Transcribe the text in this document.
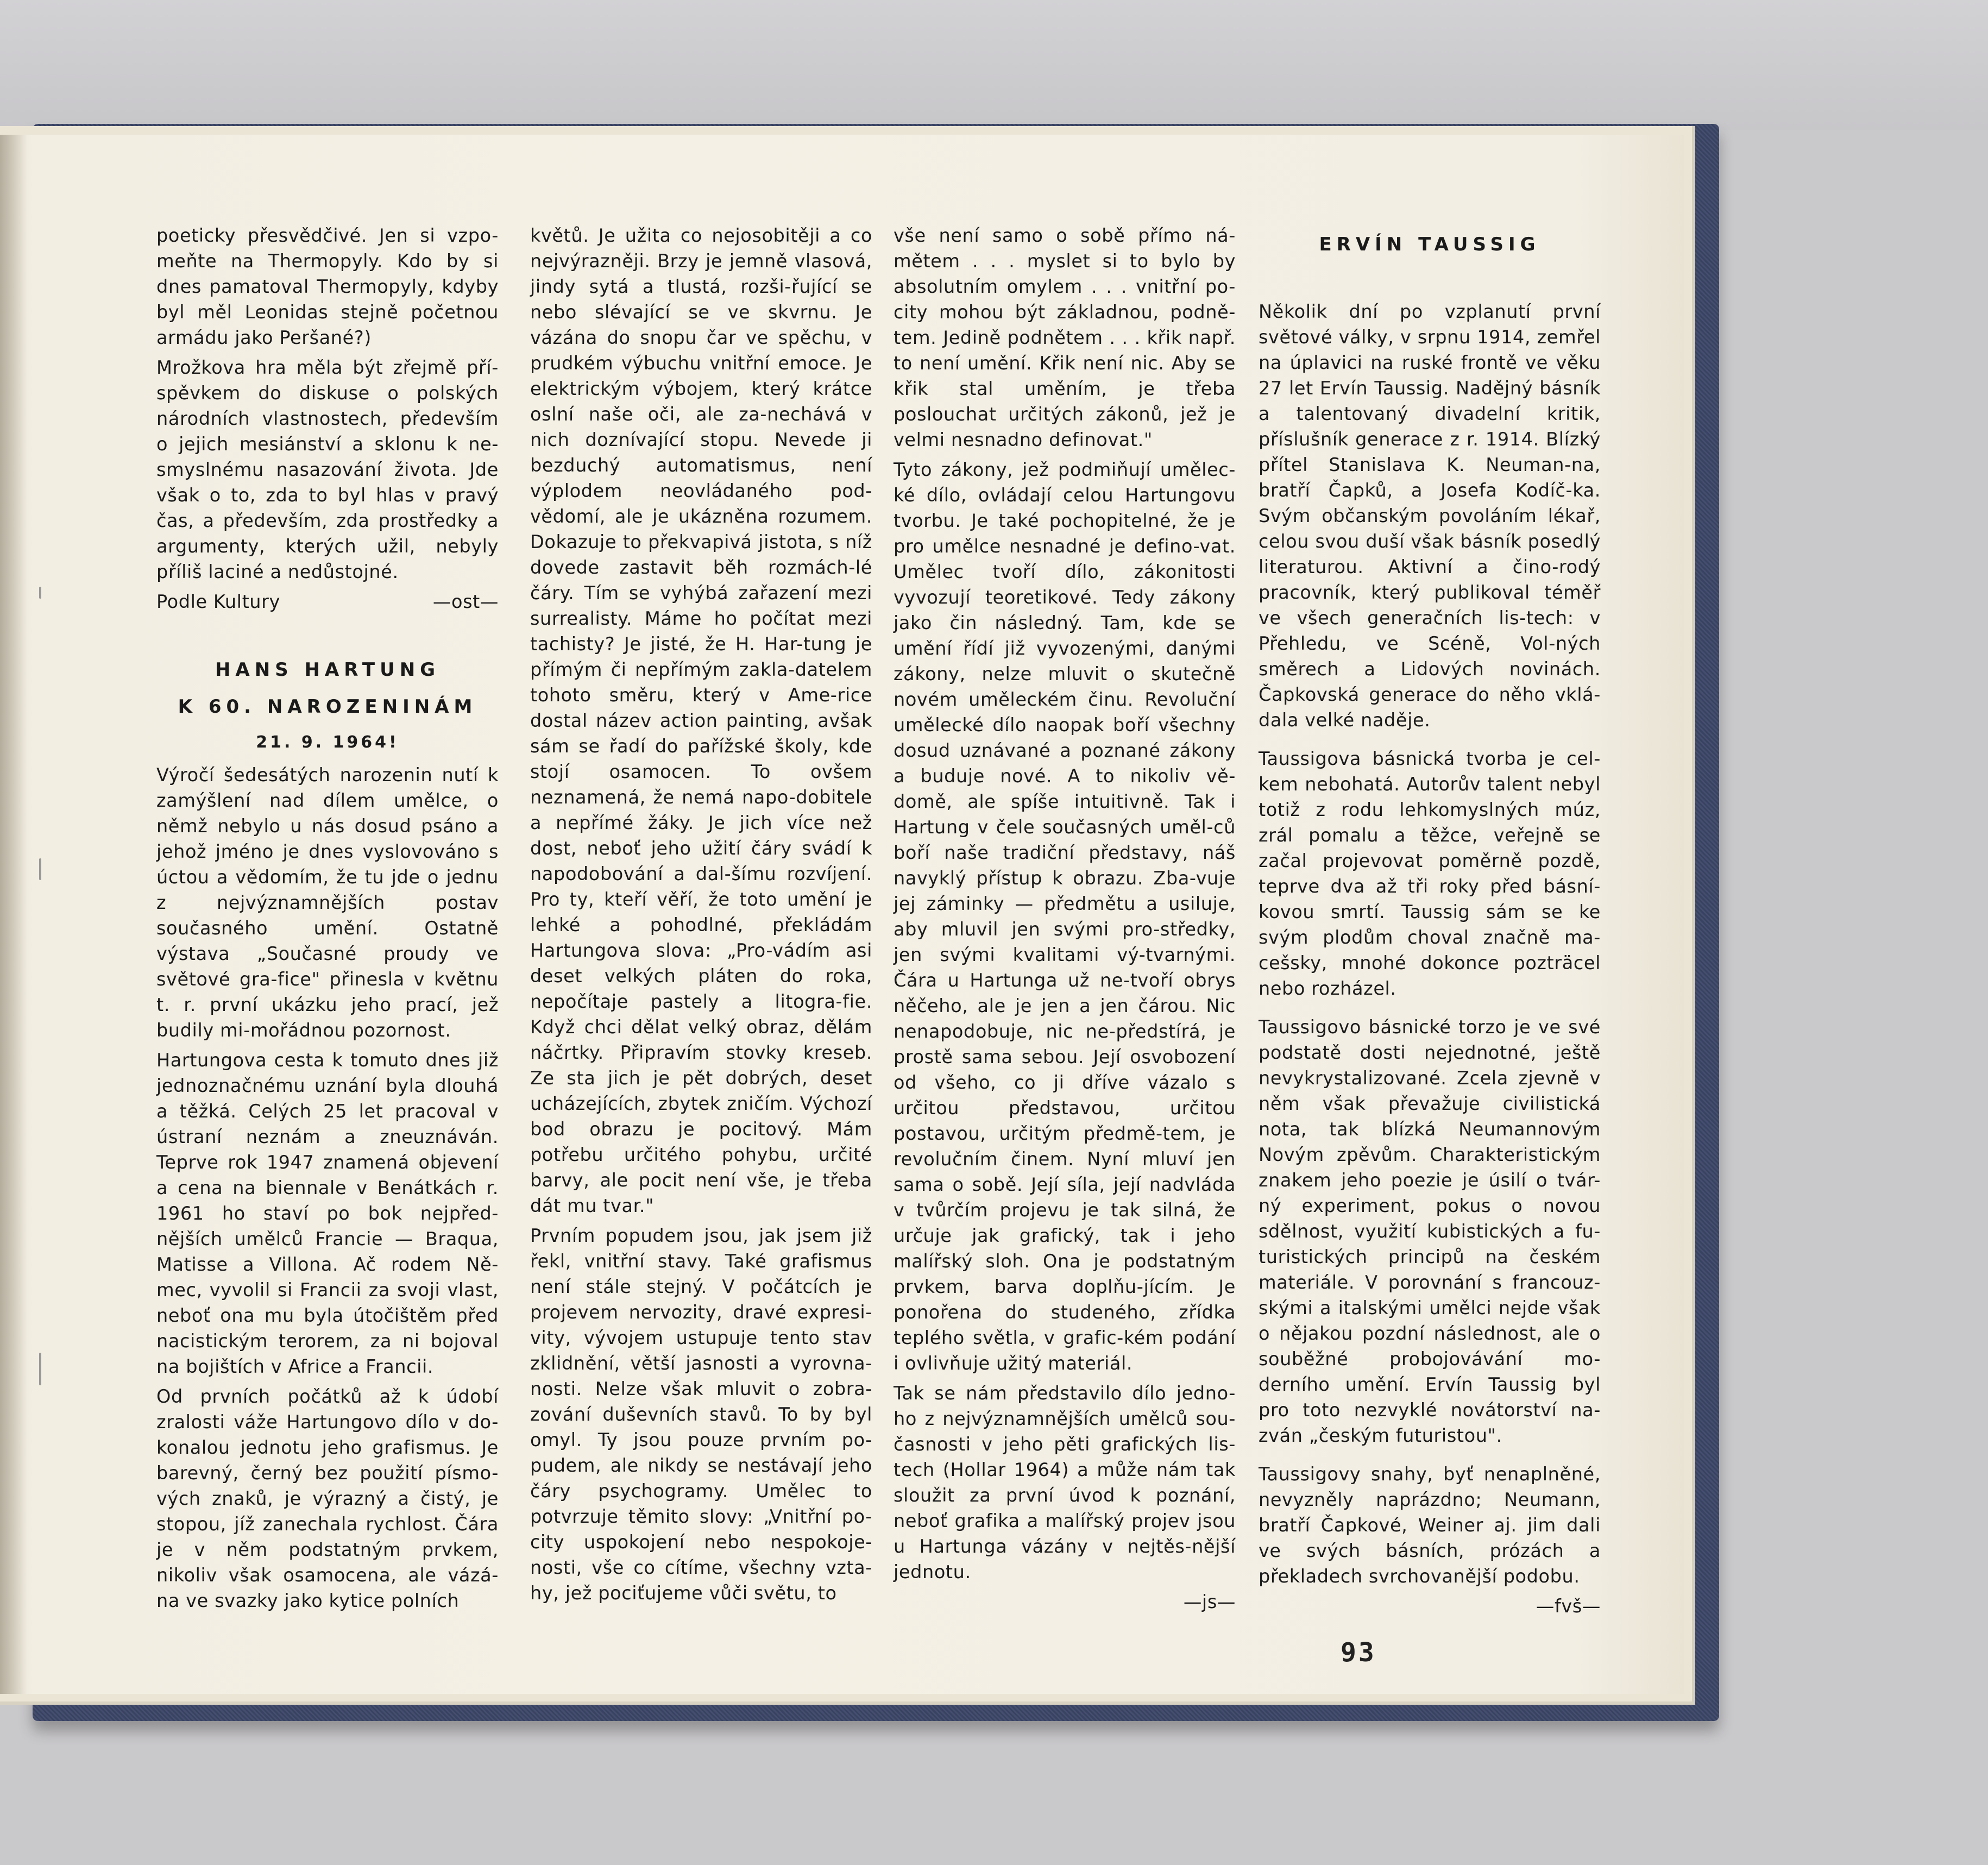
poeticky přesvědčivé. Jen si vzpo-meňte na Thermopyly. Kdo by si dnes pamatoval Thermopyly, kdyby byl měl Leonidas stejně početnou armádu jako Peršané?)

Mrožkova hra měla být zřejmě pří-spěvkem do diskuse o polských národních vlastnostech, především o jejich mesiánství a sklonu k ne-smyslnému nasazování života. Jde však o to, zda to byl hlas v pravý čas, a především, zda prostředky a argumenty, kterých užil, nebyly příliš laciné a nedůstojné.

Podle Kultury	—ost—

HANS HARTUNG

K 60. NAROZENINÁM

21. 9. 1964!

Výročí šedesátých narozenin nutí k zamýšlení nad dílem umělce, o němž nebylo u nás dosud psáno a jehož jméno je dnes vyslovováno s úctou a vědomím, že tu jde o jednu z nejvýznamnějších postav současného umění. Ostatně výstava „Současné proudy ve světové gra-fice" přinesla v květnu t. r. první ukázku jeho prací, jež budily mi-mořádnou pozornost.

Hartungova cesta k tomuto dnes již jednoznačnému uznání byla dlouhá a těžká. Celých 25 let pracoval v ústraní neznám a zneuznáván. Teprve rok 1947 znamená objevení a cena na biennale v Benátkách r. 1961 ho staví po bok nejpřed-nějších umělců Francie — Braqua, Matisse a Villona. Ač rodem Ně-mec, vyvolil si Francii za svoji vlast, neboť ona mu byla útočištěm před nacistickým terorem, za ni bojoval na bojištích v Africe a Francii.

Od prvních počátků až k údobí zralosti váže Hartungovo dílo v do-konalou jednotu jeho grafismus. Je barevný, černý bez použití písmo-vých znaků, je výrazný a čistý, je stopou, jíž zanechala rychlost. Čára je v něm podstatným prvkem, nikoliv však osamocena, ale vázá-na ve svazky jako kytice polních

květů. Je užita co nejosobitěji a co nejvýrazněji. Brzy je jemně vlasová, jindy sytá a tlustá, rozši-řující se nebo slévající se ve skvrnu. Je vázána do snopu čar ve spěchu, v prudkém výbuchu vnitřní emoce. Je elektrickým výbojem, který krátce oslní naše oči, ale za-nechává v nich doznívající stopu. Nevede ji bezduchý automatismus, není výplodem neovládaného pod-vědomí, ale je ukázněna rozumem. Dokazuje to překvapivá jistota, s níž dovede zastavit běh rozmách-lé čáry. Tím se vyhýbá zařazení mezi surrealisty. Máme ho počítat mezi tachisty? Je jisté, že H. Har-tung je přímým či nepřímým zakla-datelem tohoto směru, který v Ame-rice dostal název action painting, avšak sám se řadí do pařížské školy, kde stojí osamocen. To ovšem neznamená, že nemá napo-dobitele a nepřímé žáky. Je jich více než dost, neboť jeho užití čáry svádí k napodobování a dal-šímu rozvíjení. Pro ty, kteří věří, že toto umění je lehké a pohodlné, překládám Hartungova slova: „Pro-vádím asi deset velkých pláten do roka, nepočítaje pastely a litogra-fie. Když chci dělat velký obraz, dělám náčrtky. Připravím stovky kreseb. Ze sta jich je pět dobrých, deset ucházejících, zbytek zničím. Výchozí bod obrazu je pocitový. Mám potřebu určitého pohybu, určité barvy, ale pocit není vše, je třeba dát mu tvar."

Prvním popudem jsou, jak jsem již řekl, vnitřní stavy. Také grafismus není stále stejný. V počátcích je projevem nervozity, dravé expresi-vity, vývojem ustupuje tento stav zklidnění, větší jasnosti a vyrovna-nosti. Nelze však mluvit o zobra-zování duševních stavů. To by byl omyl. Ty jsou pouze prvním po-pudem, ale nikdy se nestávají jeho čáry psychogramy. Umělec to potvrzuje těmito slovy: „Vnitřní po-city uspokojení nebo nespokoje-nosti, vše co cítíme, všechny vzta-hy, jež pociťujeme vůči světu, to

vše není samo o sobě přímo ná-mětem . . . myslet si to bylo by absolutním omylem . . . vnitřní po-city mohou být základnou, podně-tem. Jedině podnětem . . . křik např. to není umění. Křik není nic. Aby se křik stal uměním, je třeba poslouchat určitých zákonů, jež je velmi nesnadno definovat."

Tyto zákony, jež podmiňují umělec-ké dílo, ovládají celou Hartungovu tvorbu. Je také pochopitelné, že je pro umělce nesnadné je defino-vat. Umělec tvoří dílo, zákonitosti vyvozují teoretikové. Tedy zákony jako čin následný. Tam, kde se umění řídí již vyvozenými, danými zákony, nelze mluvit o skutečně novém uměleckém činu. Revoluční umělecké dílo naopak boří všechny dosud uznávané a poznané zákony a buduje nové. A to nikoliv vě-domě, ale spíše intuitivně. Tak i Hartung v čele současných uměl-ců boří naše tradiční představy, náš navyklý přístup k obrazu. Zba-vuje jej záminky — předmětu a usiluje, aby mluvil jen svými pro-středky, jen svými kvalitami vý-tvarnými. Čára u Hartunga už ne-tvoří obrys něčeho, ale je jen a jen čárou. Nic nenapodobuje, nic ne-předstírá, je prostě sama sebou. Její osvobození od všeho, co ji dříve vázalo s určitou představou, určitou postavou, určitým předmě-tem, je revolučním činem. Nyní mluví jen sama o sobě. Její síla, její nadvláda v tvůrčím projevu je tak silná, že určuje jak grafický, tak i jeho malířský sloh. Ona je podstatným prvkem, barva doplňu-jícím. Je ponořena do studeného, zřídka teplého světla, v grafic-kém podání i ovlivňuje užitý materiál.

Tak se nám představilo dílo jedno-ho z nejvýznamnějších umělců sou-časnosti v jeho pěti grafických lis-tech (Hollar 1964) a může nám tak sloužit za první úvod k poznání, neboť grafika a malířský projev jsou u Hartunga vázány v nejtěs-nější jednotu.

—js—

ERVÍN TAUSSIG

Několik dní po vzplanutí první světové války, v srpnu 1914, zemřel na úplavici na ruské frontě ve věku 27 let Ervín Taussig. Nadějný básník a talentovaný divadelní kritik, příslušník generace z r. 1914. Blízký přítel Stanislava K. Neuman-na, bratří Čapků, a Josefa Kodíč-ka. Svým občanským povoláním lékař, celou svou duší však básník posedlý literaturou. Aktivní a čino-rodý pracovník, který publikoval téměř ve všech generačních lis-tech: v Přehledu, ve Scéně, Vol-ných směrech a Lidových novinách. Čapkovská generace do něho vklá-dala velké naděje.

Taussigova básnická tvorba je cel-kem nebohatá. Autorův talent nebyl totiž z rodu lehkomyslných múz, zrál pomalu a těžce, veřejně se začal projevovat poměrně pozdě, teprve dva až tři roky před básní-kovou smrtí. Taussig sám se ke svým plodům choval značně ma-cešsky, mnohé dokonce pozträcel nebo rozházel.

Taussigovo básnické torzo je ve své podstatě dosti nejednotné, ještě nevykrystalizované. Zcela zjevně v něm však převažuje civilistická nota, tak blízká Neumannovým Novým zpěvům. Charakteristickým znakem jeho poezie je úsilí o tvár-ný experiment, pokus o novou sdělnost, využití kubistických a fu-turistických principů na českém materiále. V porovnání s francouz-skými a italskými umělci nejde však o nějakou pozdní následnost, ale o souběžné probojovávání mo-derního umění. Ervín Taussig byl pro toto nezvyklé novátorství na-zván „českým futuristou".

Taussigovy snahy, byť nenaplněné, nevyzněly naprázdno; Neumann, bratří Čapkové, Weiner aj. jim dali ve svých básních, prózách a překladech svrchovanější podobu.

—fvš—
93
